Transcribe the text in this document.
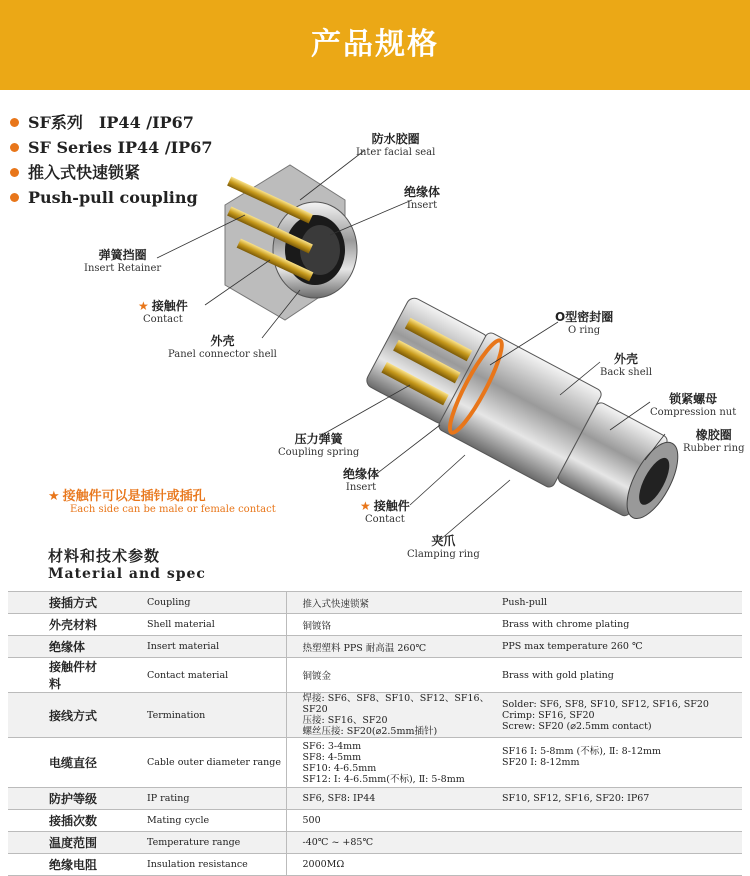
产品规格
SF系列　IP44 /IP67
SF Series IP44 /IP67
推入式快速锁紧
Push-pull coupling
防水胶圈
Inter facial seal
绝缘体
Insert
弹簧挡圈
Insert Retainer
★ 接触件
Contact
外壳
Panel connector shell
O型密封圈
O ring
外壳
Back shell
锁紧螺母
Compression nut
橡胶圈
Rubber ring
压力弹簧
Coupling spring
绝缘体
Insert
★ 接触件
Contact
夹爪
Clamping ring
★ 接触件可以是插针或插孔
Each side can be male or female contact
材料和技术参数
Material and spec
接插方式	Coupling	推入式快速锁紧	Push-pull
外壳材料	Shell material	铜镀铬	Brass with chrome plating
绝缘体	Insert material	热塑塑料 PPS 耐高温 260℃	PPS max temperature 260 ℃
接触件材料	Contact material	铜镀金	Brass with gold plating
接线方式	Termination	焊接: SF6、SF8、SF10、SF12、SF16、SF20
压接: SF16、SF20
螺丝压接: SF20(⌀2.5mm插针)	Solder: SF6, SF8, SF10, SF12, SF16, SF20
Crimp: SF16, SF20
Screw: SF20 (⌀2.5mm contact)
电缆直径	Cable outer diameter range	SF6: 3-4mm
SF8: 4-5mm
SF10: 4-6.5mm
SF12: Ⅰ: 4-6.5mm(不标), Ⅱ: 5-8mm	SF16 Ⅰ: 5-8mm (不标), Ⅱ: 8-12mm
SF20 Ⅰ: 8-12mm

防护等级	IP rating	SF6, SF8: IP44	SF10, SF12, SF16, SF20: IP67
接插次数	Mating cycle	500	
温度范围	Temperature range	-40℃ ~ +85℃	
绝缘电阻	Insulation resistance	2000MΩ	
